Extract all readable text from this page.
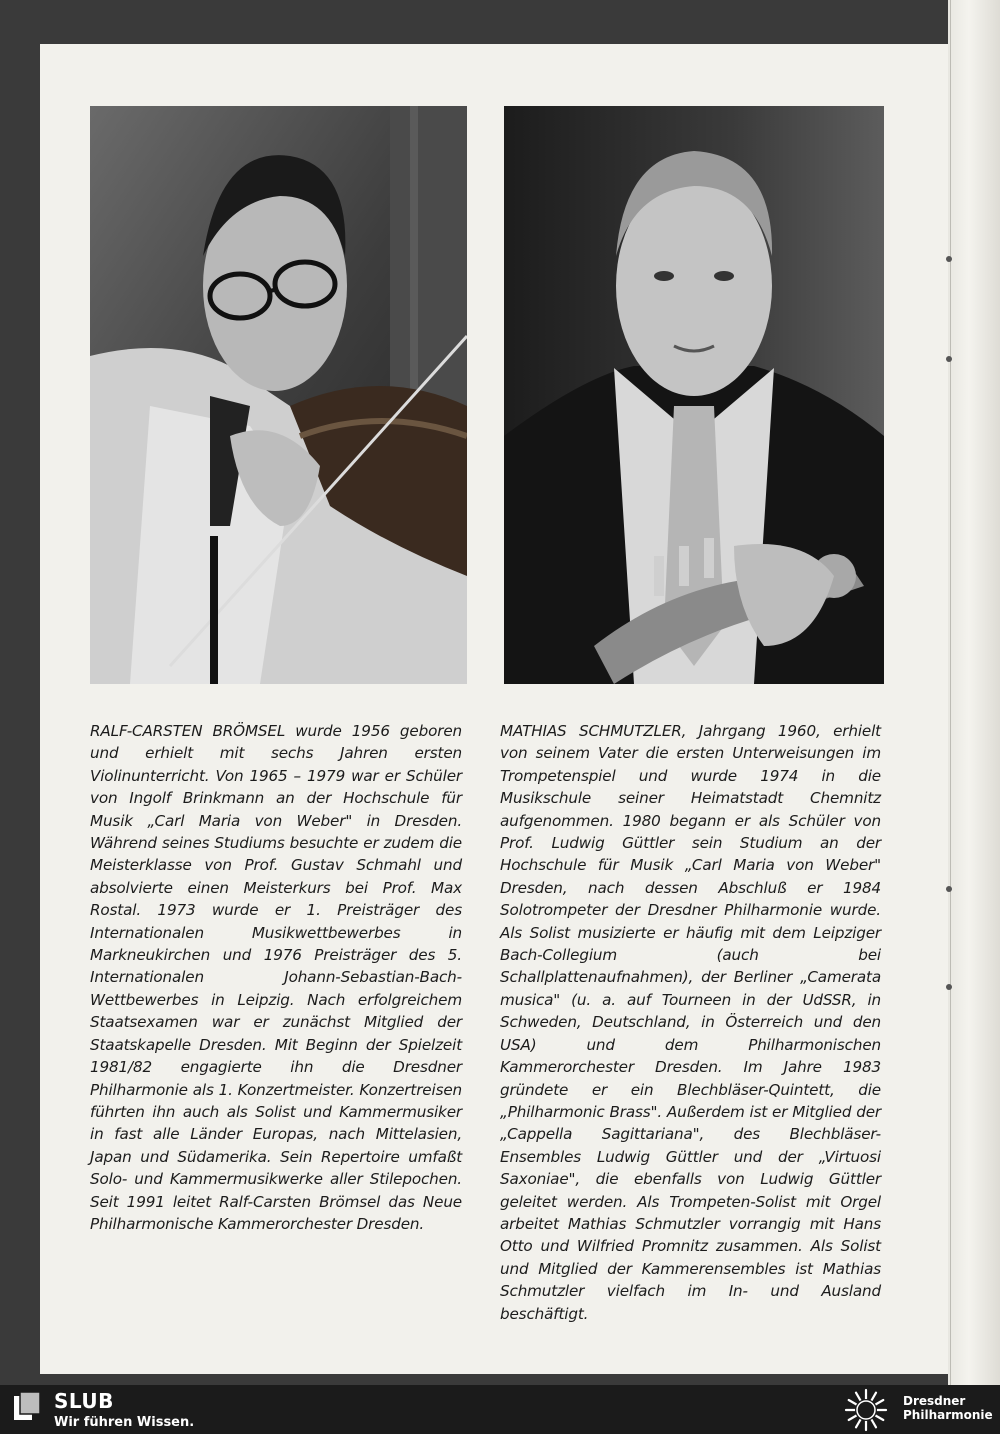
RALF-CARSTEN BRÖMSEL wurde 1956 geboren und erhielt mit sechs Jahren ersten Violinunterricht. Von 1965 – 1979 war er Schüler von Ingolf Brinkmann an der Hochschule für Musik „Carl Maria von Weber" in Dresden. Während seines Studiums besuchte er zudem die Meisterklasse von Prof. Gustav Schmahl und absolvierte einen Meisterkurs bei Prof. Max Rostal. 1973 wurde er 1. Preisträger des Internationalen Musikwettbewerbes in Markneukirchen und 1976 Preisträger des 5. Internationalen Johann-Sebastian-Bach-Wettbewerbes in Leipzig. Nach erfolgreichem Staatsexamen war er zunächst Mitglied der Staatskapelle Dresden. Mit Beginn der Spielzeit 1981/82 engagierte ihn die Dresdner Philharmonie als 1. Konzertmeister. Konzertreisen führten ihn auch als Solist und Kammermusiker in fast alle Länder Europas, nach Mittelasien, Japan und Südamerika. Sein Repertoire umfaßt Solo- und Kammermusikwerke aller Stilepochen. Seit 1991 leitet Ralf-Carsten Brömsel das Neue Philharmonische Kammerorchester Dresden.

MATHIAS SCHMUTZLER, Jahrgang 1960, erhielt von seinem Vater die ersten Unterweisungen im Trompetenspiel und wurde 1974 in die Musikschule seiner Heimatstadt Chemnitz aufgenommen. 1980 begann er als Schüler von Prof. Ludwig Güttler sein Studium an der Hochschule für Musik „Carl Maria von Weber" Dresden, nach dessen Abschluß er 1984 Solotrompeter der Dresdner Philharmonie wurde. Als Solist musizierte er häufig mit dem Leipziger Bach-Collegium (auch bei Schallplattenaufnahmen), der Berliner „Camerata musica" (u. a. auf Tourneen in der UdSSR, in Schweden, Deutschland, in Österreich und den USA) und dem Philharmonischen Kammerorchester Dresden. Im Jahre 1983 gründete er ein Blechbläser-Quintett, die „Philharmonic Brass". Außerdem ist er Mitglied der „Cappella Sagittariana", des Blechbläser-Ensembles Ludwig Güttler und der „Virtuosi Saxoniae", die ebenfalls von Ludwig Güttler geleitet werden. Als Trompeten-Solist mit Orgel arbeitet Mathias Schmutzler vorrangig mit Hans Otto und Wilfried Promnitz zusammen. Als Solist und Mitglied der Kammerensembles ist Mathias Schmutzler vielfach im In- und Ausland beschäftigt.

SLUB
Wir führen Wissen.
Dresdner
Philharmonie
